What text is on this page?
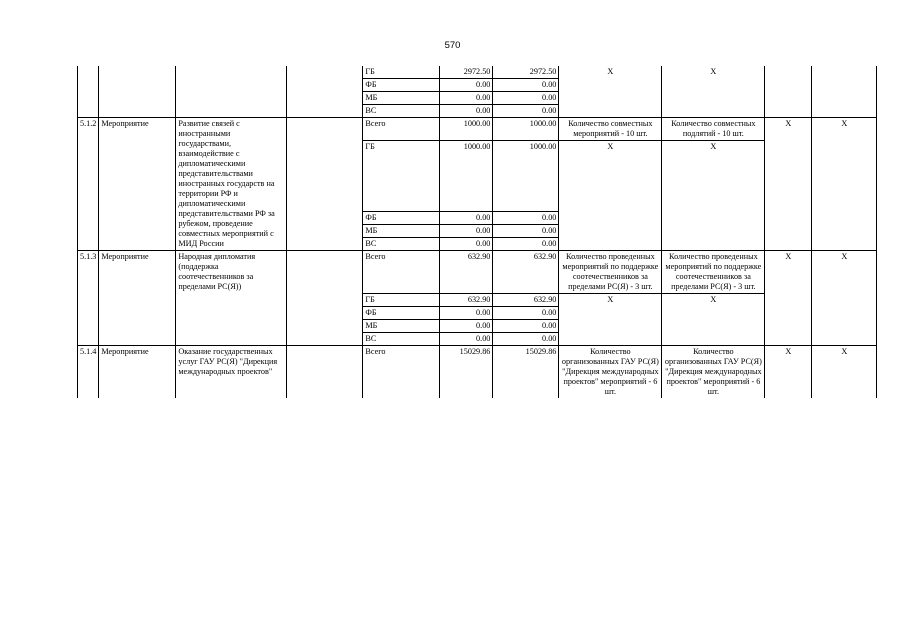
570
				ГБ	2972.50	2972.50	Х	Х		
				ФБ	0.00	0.00				
				МБ	0.00	0.00				
				ВС	0.00	0.00				
5.1.2	Мероприятие	Развитие связей с иностранными государствами, взаимодействие с дипломатическими представительствами иностранных государств на территории РФ и дипломатическими представительствами РФ за рубежом, проведение совместных мероприятий с МИД России		Всего	1000.00	1000.00	Количество совместных мероприятий - 10 шт.	Количество совместных подлятий - 10 шт.	Х	Х
				ГБ	1000.00	1000.00	Х	Х		
				ФБ	0.00	0.00				
				МБ	0.00	0.00				
				ВС	0.00	0.00				
5.1.3	Мероприятие	Народная дипломатия (поддержка соотечественников за пределами РС(Я))		Всего	632.90	632.90	Количество проведенных мероприятий по поддержке соотечественников за пределами РС(Я) - 3 шт.	Количество проведенных мероприятий по поддержке соотечественников за пределами РС(Я) - 3 шт.	Х	Х
				ГБ	632.90	632.90	Х	Х		
				ФБ	0.00	0.00				
				МБ	0.00	0.00				
				ВС	0.00	0.00				
5.1.4	Мероприятие	Оказание государственных услуг ГАУ РС(Я) "Дирекция международных проектов"		Всего	15029.86	15029.86	Количество организованных ГАУ РС(Я) "Дирекция международных проектов" мероприятий - 6 шт.	Количество организованных ГАУ РС(Я) "Дирекция международных проектов" мероприятий - 6 шт.	Х	Х
